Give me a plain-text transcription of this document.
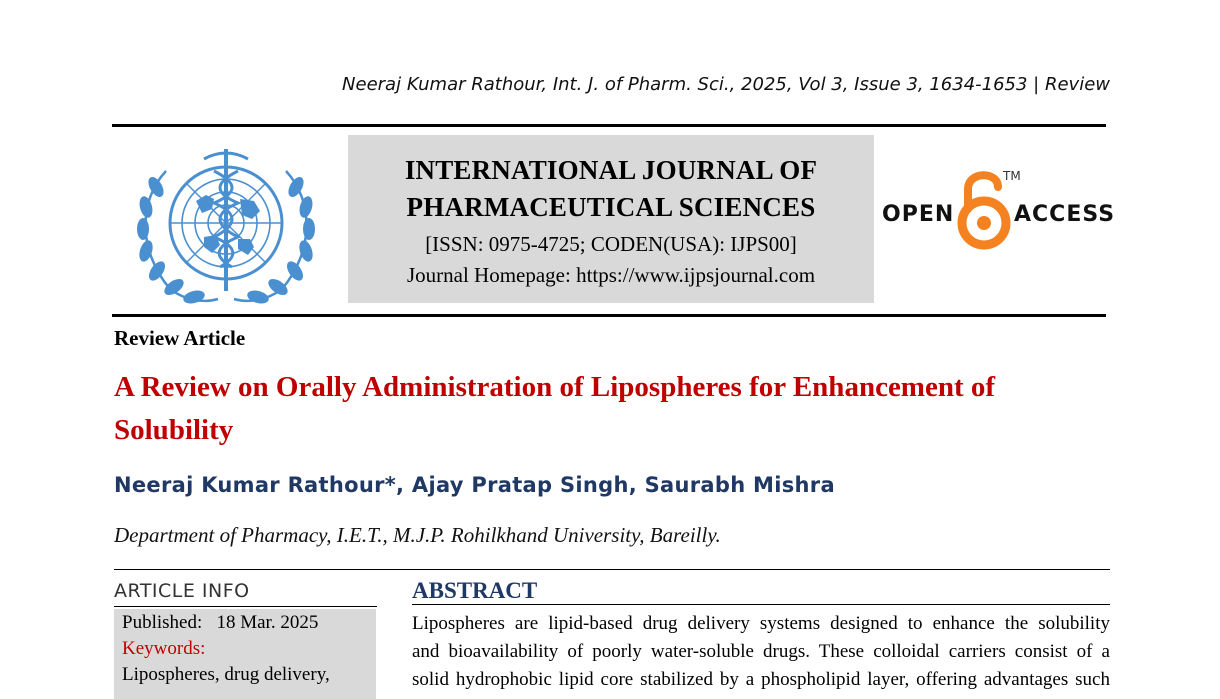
Neeraj Kumar Rathour, Int. J. of Pharm. Sci., 2025, Vol 3, Issue 3, 1634-1653 | Review
INTERNATIONAL JOURNAL OF
PHARMACEUTICAL SCIENCES
[ISSN: 0975-4725; CODEN(USA): IJPS00]
Journal Homepage: https://www.ijpsjournal.com
OPEN
TM
ACCESS
Review Article
A Review on Orally Administration of Lipospheres for Enhancement of Solubility
Neeraj Kumar Rathour*, Ajay Pratap Singh, Saurabh Mishra
Department of Pharmacy, I.E.T., M.J.P. Rohilkhand University, Bareilly.
ARTICLE INFO
Published: 18 Mar. 2025
Keywords:
Lipospheres, drug delivery,
ABSTRACT
Lipospheres are lipid-based drug delivery systems designed to enhance the solubility
and bioavailability of poorly water-soluble drugs. These colloidal carriers consist of a
solid hydrophobic lipid core stabilized by a phospholipid layer, offering advantages such
